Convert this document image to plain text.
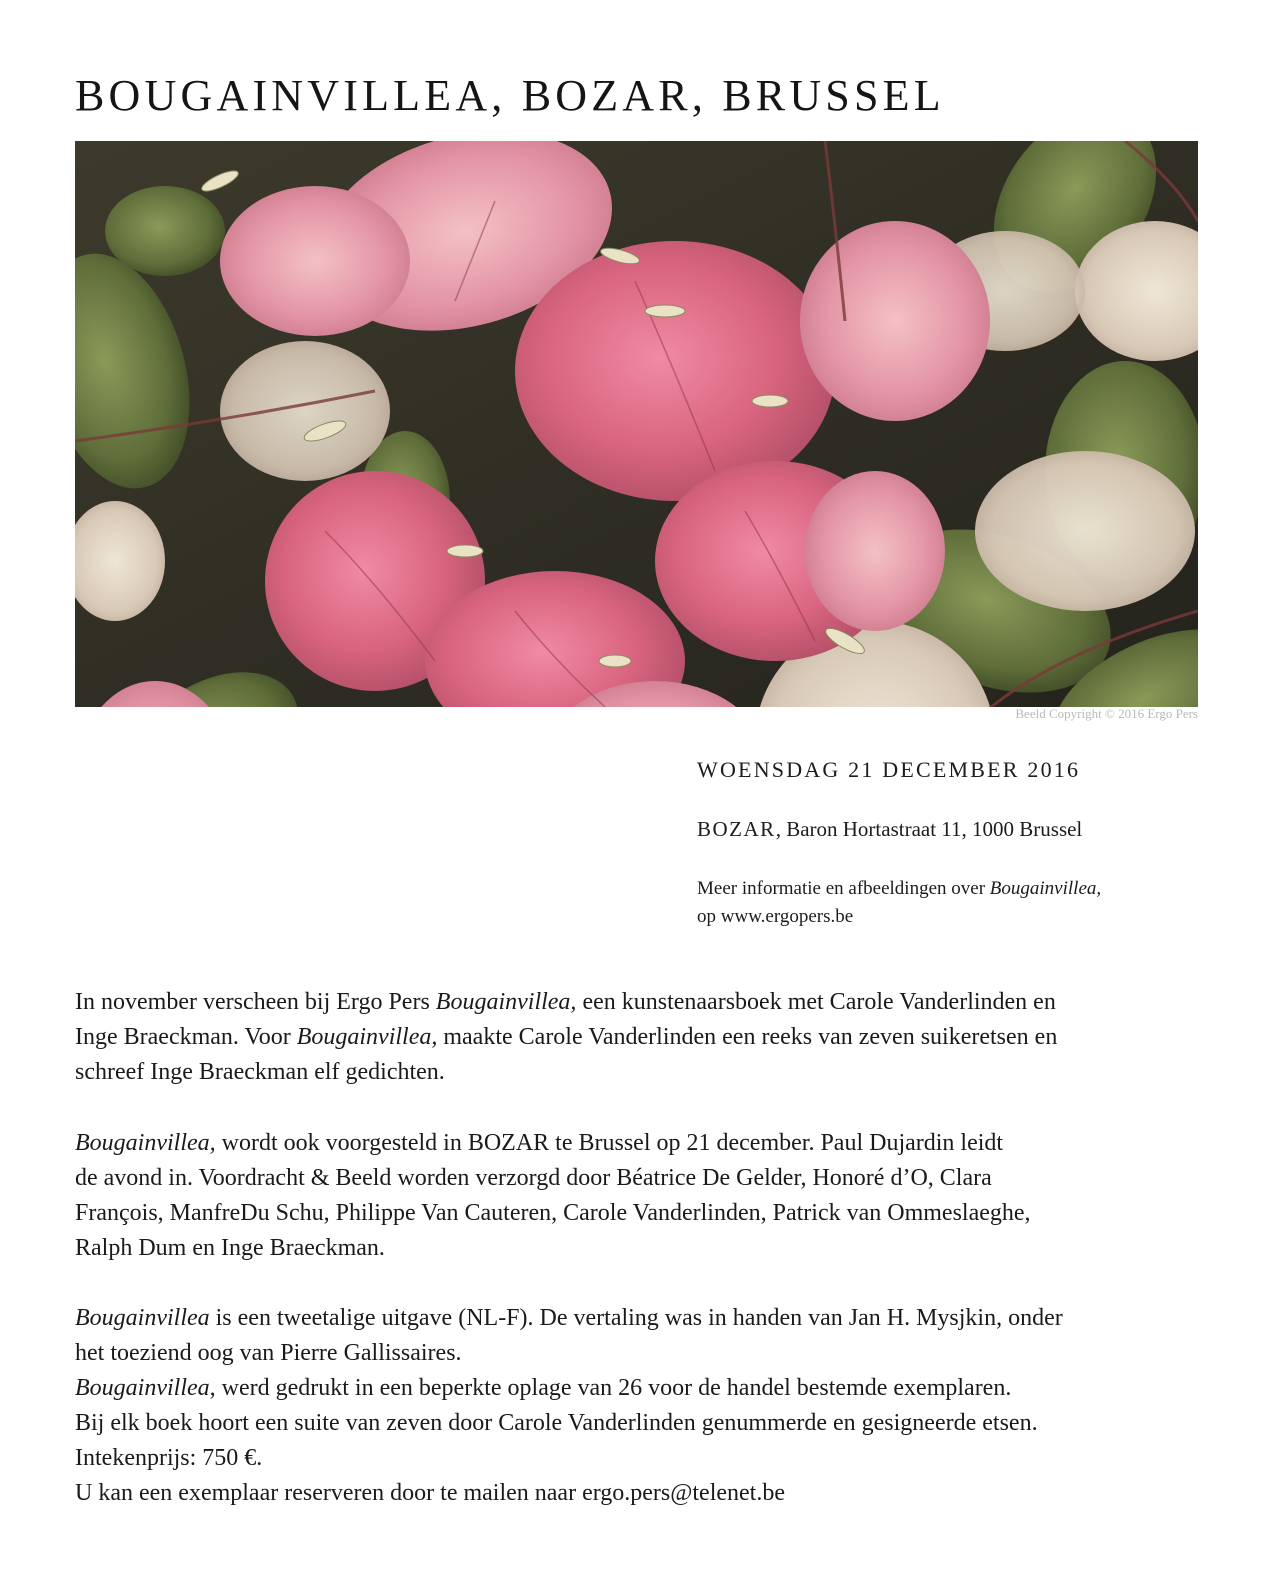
BOUGAINVILLEA, BOZAR, BRUSSEL
Beeld Copyright © 2016 Ergo Pers

WOENSDAG 21 DECEMBER 2016

BOZAR, Baron Hortastraat 11, 1000 Brussel

Meer informatie en afbeeldingen over Bougainvillea,
op www.ergopers.be

In november verscheen bij Ergo Pers Bougainvillea, een kunstenaarsboek met Carole Vanderlinden en
Inge Braeckman. Voor Bougainvillea, maakte Carole Vanderlinden een reeks van zeven suikeretsen en
schreef Inge Braeckman elf gedichten.

Bougainvillea, wordt ook voorgesteld in BOZAR te Brussel op 21 december. Paul Dujardin leidt
de avond in. Voordracht & Beeld worden verzorgd door Béatrice De Gelder, Honoré d’O, Clara
François, ManfreDu Schu, Philippe Van Cauteren, Carole Vanderlinden, Patrick van Ommeslaeghe,
Ralph Dum en Inge Braeckman.

Bougainvillea is een tweetalige uitgave (NL-F). De vertaling was in handen van Jan H. Mysjkin, onder
het toeziend oog van Pierre Gallissaires.
Bougainvillea, werd gedrukt in een beperkte oplage van 26 voor de handel bestemde exemplaren.
Bij elk boek hoort een suite van zeven door Carole Vanderlinden genummerde en gesigneerde etsen.
Intekenprijs: 750 €.
U kan een exemplaar reserveren door te mailen naar ergo.pers@telenet.be
